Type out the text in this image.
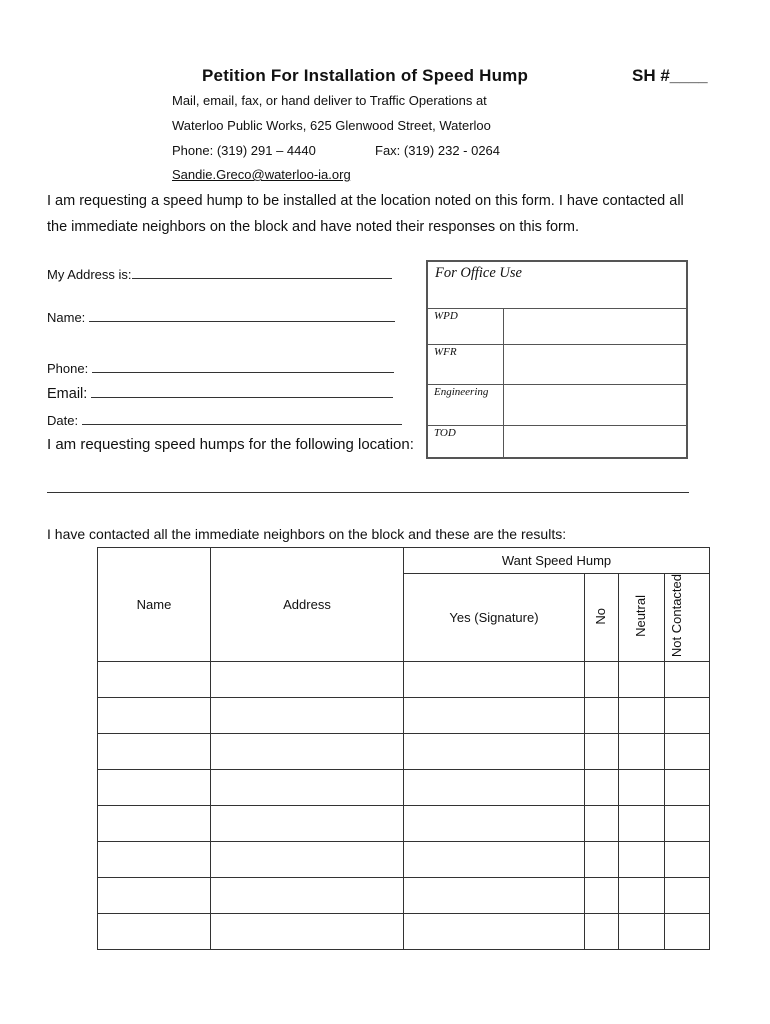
Petition For Installation of Speed Hump	SH #____
Mail, email, fax, or hand deliver to Traffic Operations at
Waterloo Public Works, 625 Glenwood Street, Waterloo
Phone: (319) 291 – 4440	Fax: (319) 232 - 0264
Sandie.Greco@waterloo-ia.org
I am requesting a speed hump to be installed at the location noted on this form. I have contacted all
the immediate neighbors on the block and have noted their responses on this form.
My Address is:
Name:
Phone:
Email:
Date:
I am requesting speed humps for the following location:
For Office Use
WPD
WFR
Engineering
TOD
I have contacted all the immediate neighbors on the block and these are the results:
Name	Address	Want Speed Hump			
		Yes (Signature)	No	Neutral	Not Contacted
